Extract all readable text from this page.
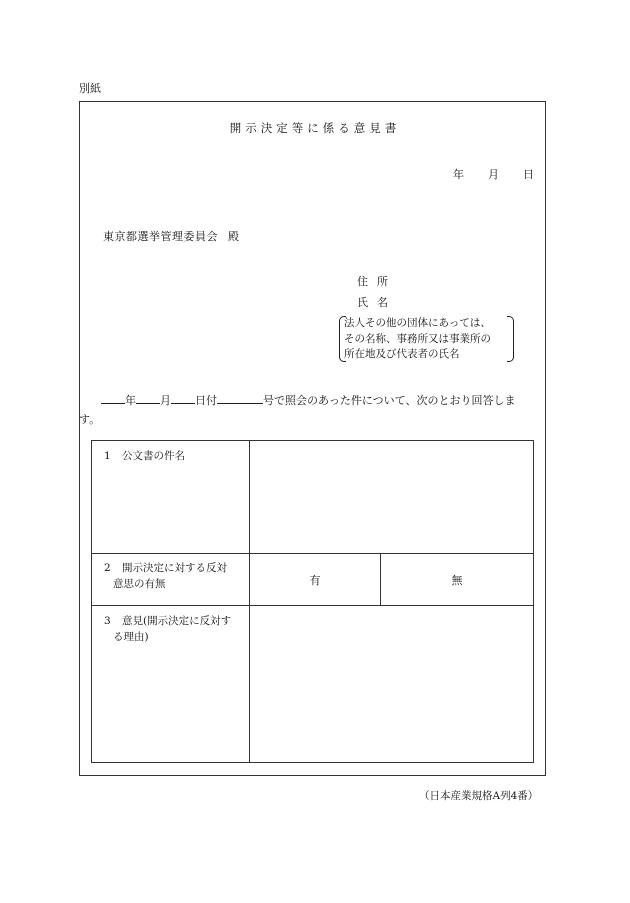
別紙
開示決定等に係る意見書
年 月 日
東京都選挙管理委員会 殿
住所
氏名
法人その他の団体にあっては、
その名称、事務所又は事業所の
所在地及び代表者の氏名
年 月 日付	号で照会のあった件について、次のとおり回答しま
す。
1 公文書の件名
2 開示決定に対する反対
意思の有無	有	無
3 意見(開示決定に反対す
る理由)
（日本産業規格A列4番）
